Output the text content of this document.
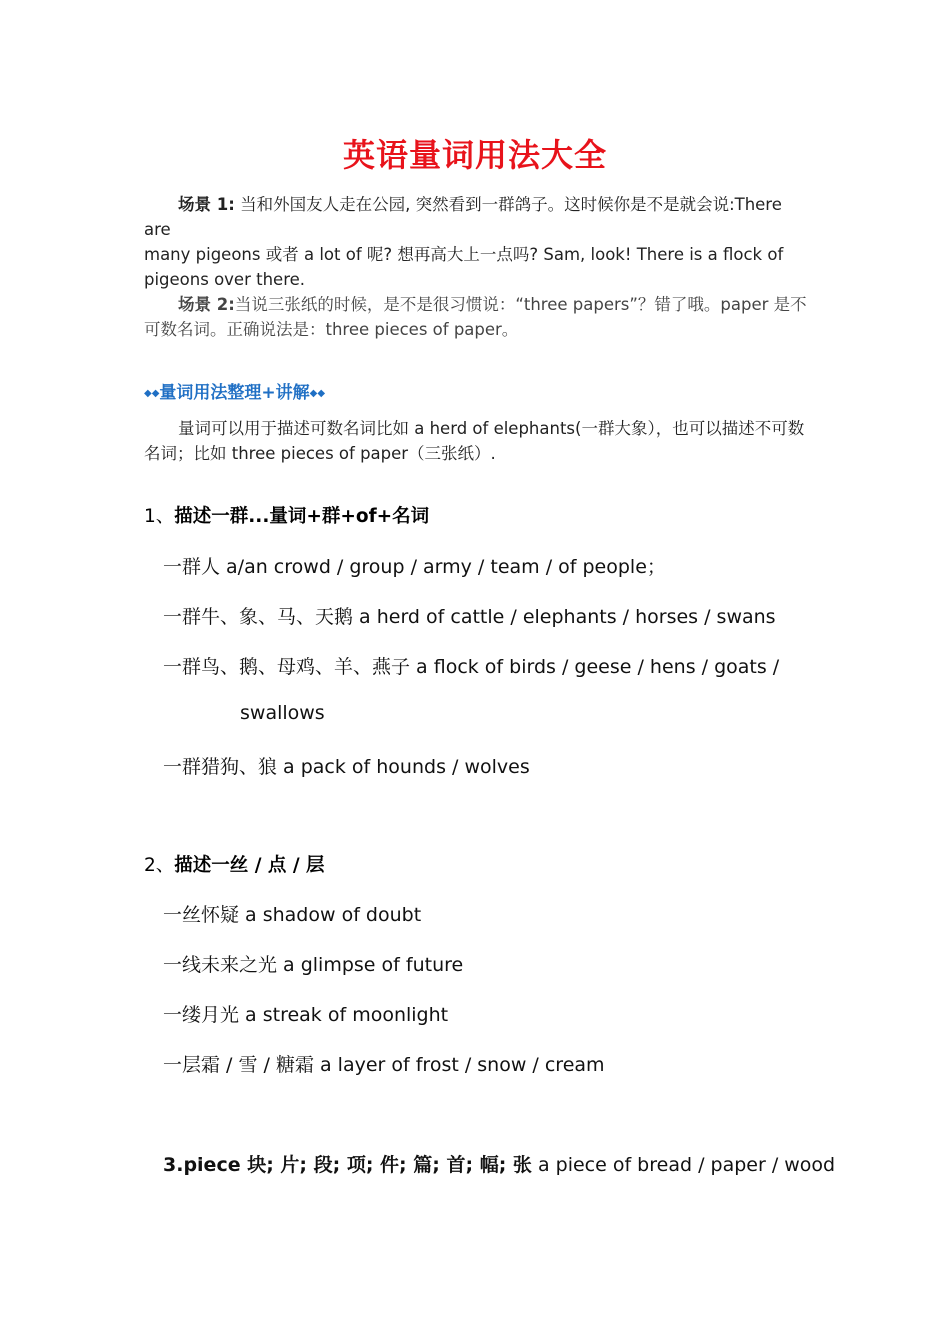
英语量词用法大全
场景 1: 当和外国友人走在公园, 突然看到一群鸽子。这时候你是不是就会说:There are
many pigeons 或者 a lot of 呢? 想再高大上一点吗? Sam, look! There is a flock of
pigeons over there.
场景 2:当说三张纸的时候，是不是很习惯说：“three papers”？错了哦。paper 是不
可数名词。正确说法是：three pieces of paper。
◆◆量词用法整理+讲解◆◆
量词可以用于描述可数名词比如 a herd of elephants(一群大象），也可以描述不可数
名词；比如 three pieces of paper（三张纸）.
1、描述一群...量词+群+of+名词
一群人 a/an crowd / group / army / team / of people；
一群牛、象、马、天鹅 a herd of cattle / elephants / horses / swans
一群鸟、鹅、母鸡、羊、燕子 a flock of birds / geese / hens / goats /
swallows
一群猎狗、狼 a pack of hounds / wolves
2、描述一丝 / 点 / 层
一丝怀疑 a shadow of doubt
一线未来之光 a glimpse of future
一缕月光 a streak of moonlight
一层霜 / 雪 / 糖霜 a layer of frost / snow / cream
3.piece 块; 片; 段; 项; 件; 篇; 首; 幅; 张 a piece of bread / paper / wood
